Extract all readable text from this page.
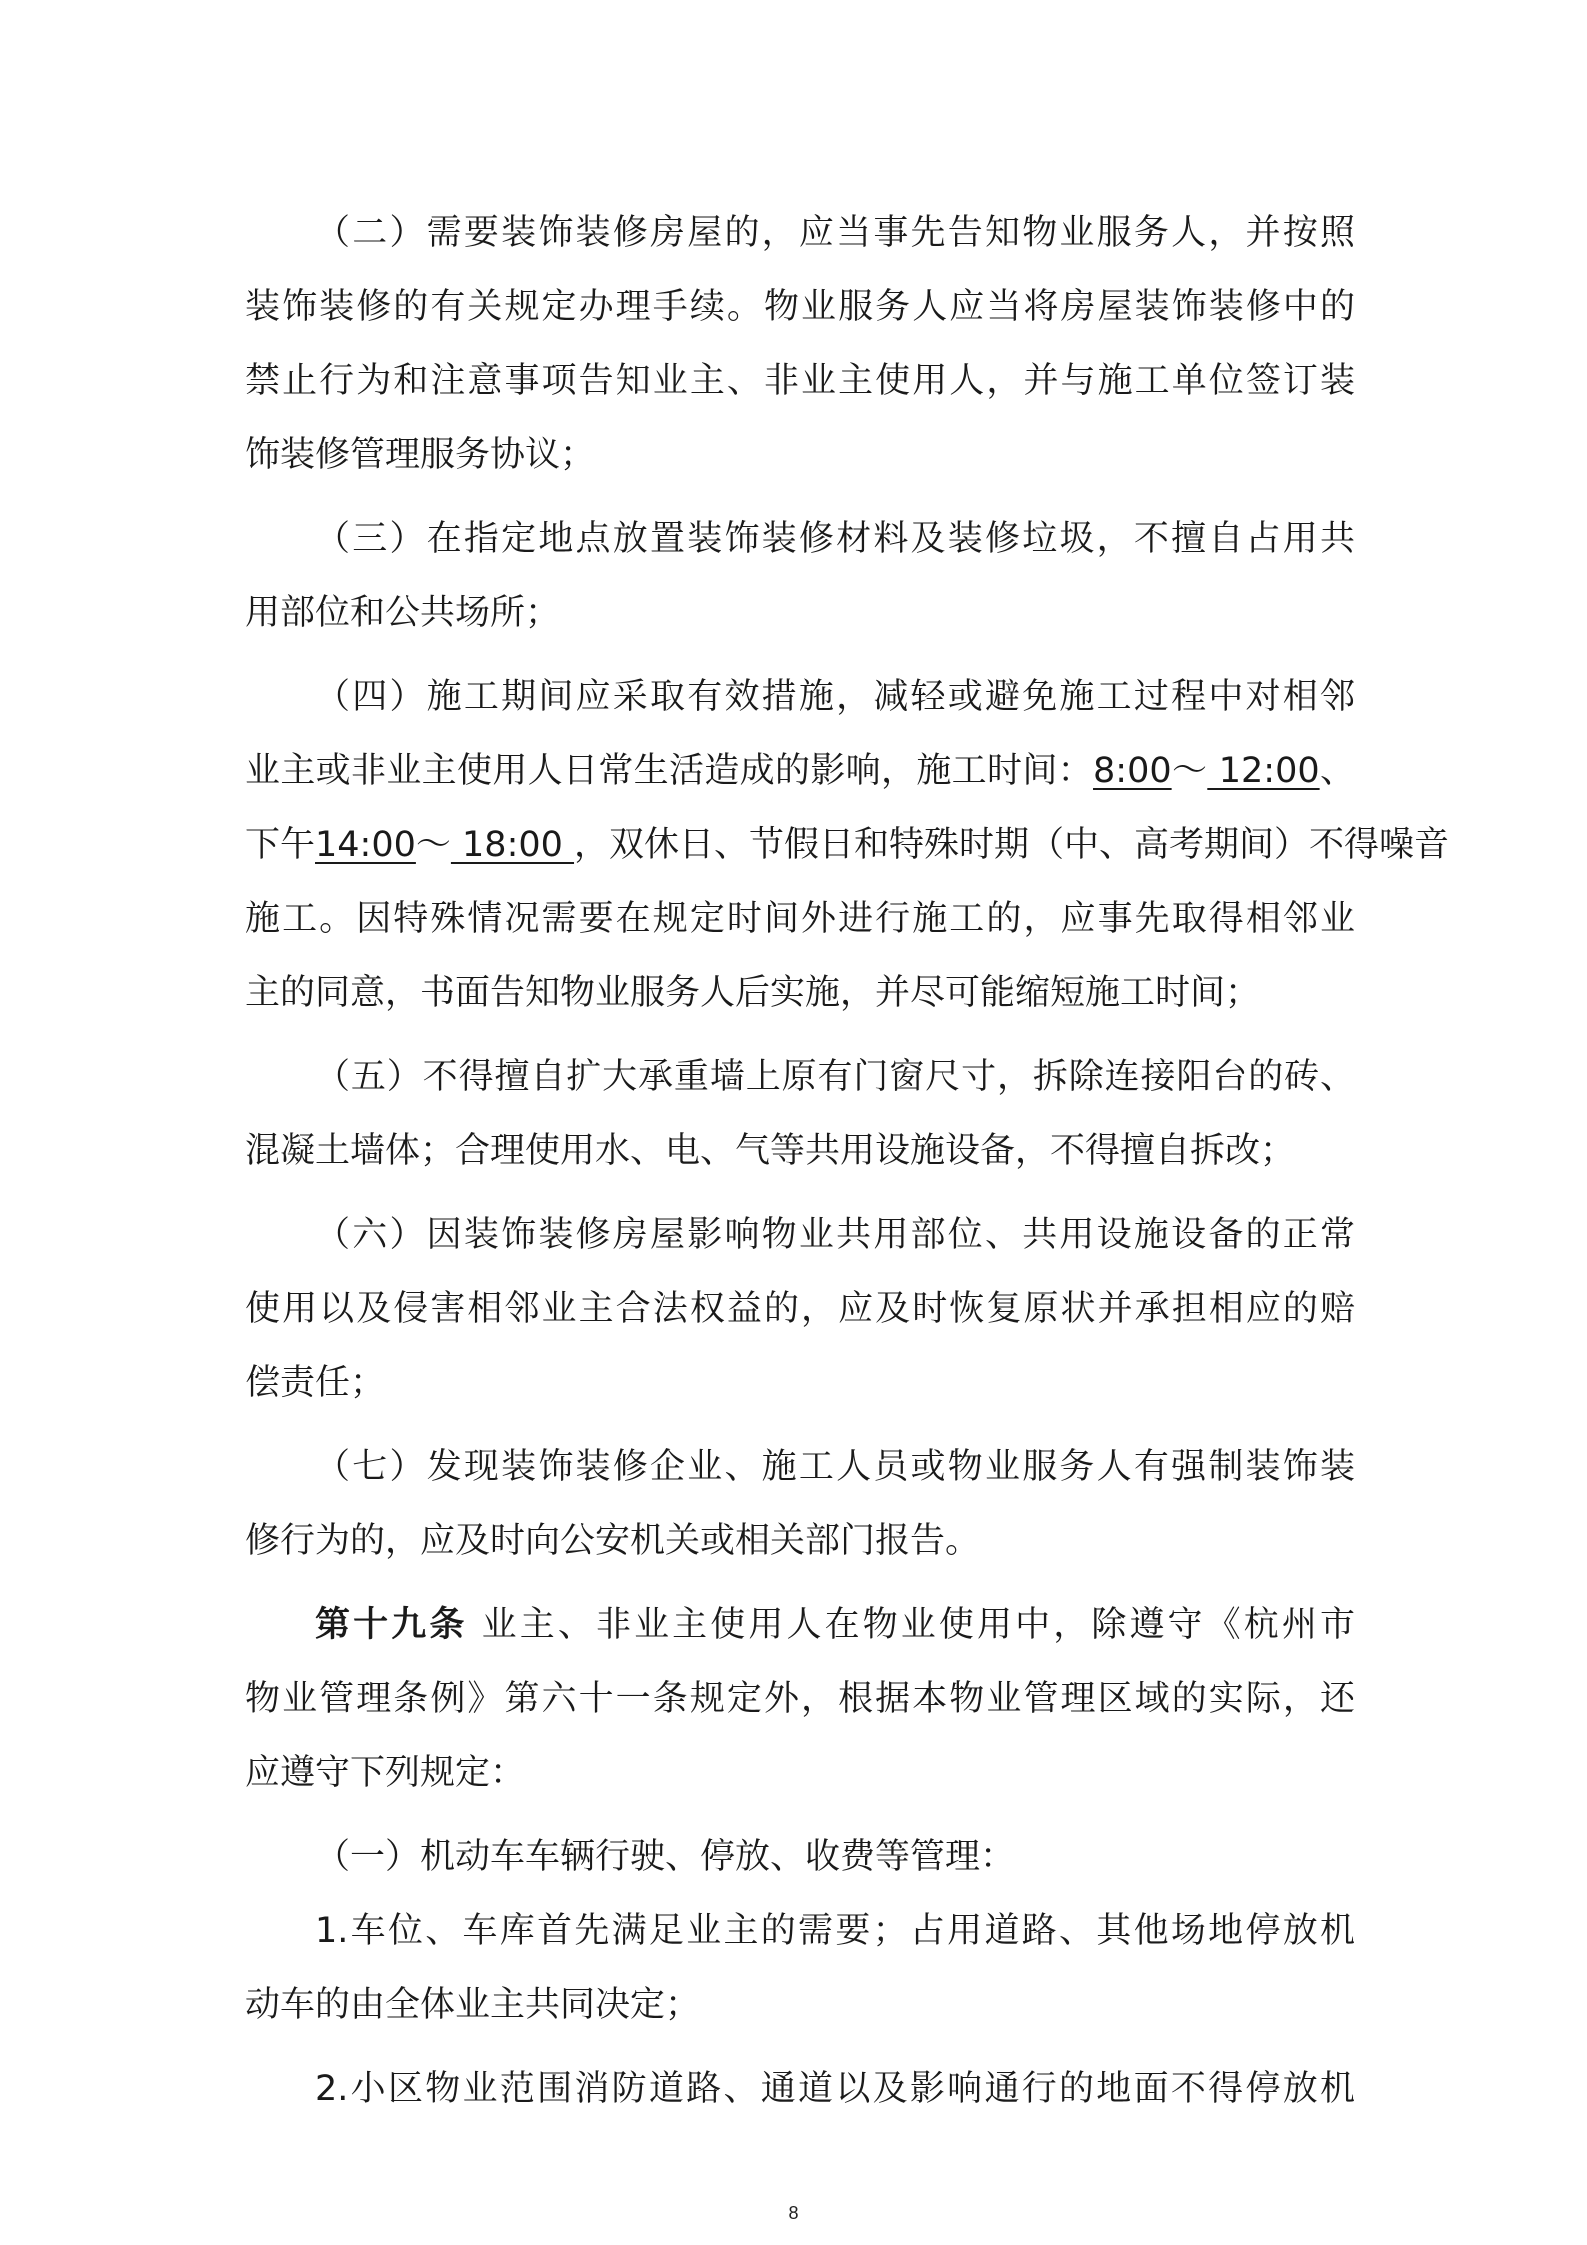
（二）需要装饰装修房屋的，应当事先告知物业服务人，并按照
装饰装修的有关规定办理手续。物业服务人应当将房屋装饰装修中的
禁止行为和注意事项告知业主、非业主使用人，并与施工单位签订装
饰装修管理服务协议；
（三）在指定地点放置装饰装修材料及装修垃圾，不擅自占用共
用部位和公共场所；
（四）施工期间应采取有效措施，减轻或避免施工过程中对相邻
业主或非业主使用人日常生活造成的影响，施工时间：8:00～ 12:00、
下午14:00～ 18:00 ，双休日、节假日和特殊时期（中、高考期间）不得噪音
施工。因特殊情况需要在规定时间外进行施工的，应事先取得相邻业
主的同意，书面告知物业服务人后实施，并尽可能缩短施工时间；
（五）不得擅自扩大承重墙上原有门窗尺寸，拆除连接阳台的砖、
混凝土墙体；合理使用水、电、气等共用设施设备，不得擅自拆改；
（六）因装饰装修房屋影响物业共用部位、共用设施设备的正常
使用以及侵害相邻业主合法权益的，应及时恢复原状并承担相应的赔
偿责任；
（七）发现装饰装修企业、施工人员或物业服务人有强制装饰装
修行为的，应及时向公安机关或相关部门报告。
第十九条 业主、非业主使用人在物业使用中，除遵守《杭州市
物业管理条例》第六十一条规定外，根据本物业管理区域的实际，还
应遵守下列规定：
（一）机动车车辆行驶、停放、收费等管理：
1.车位、车库首先满足业主的需要；占用道路、其他场地停放机
动车的由全体业主共同决定；
2.小区物业范围消防道路、通道以及影响通行的地面不得停放机
8
